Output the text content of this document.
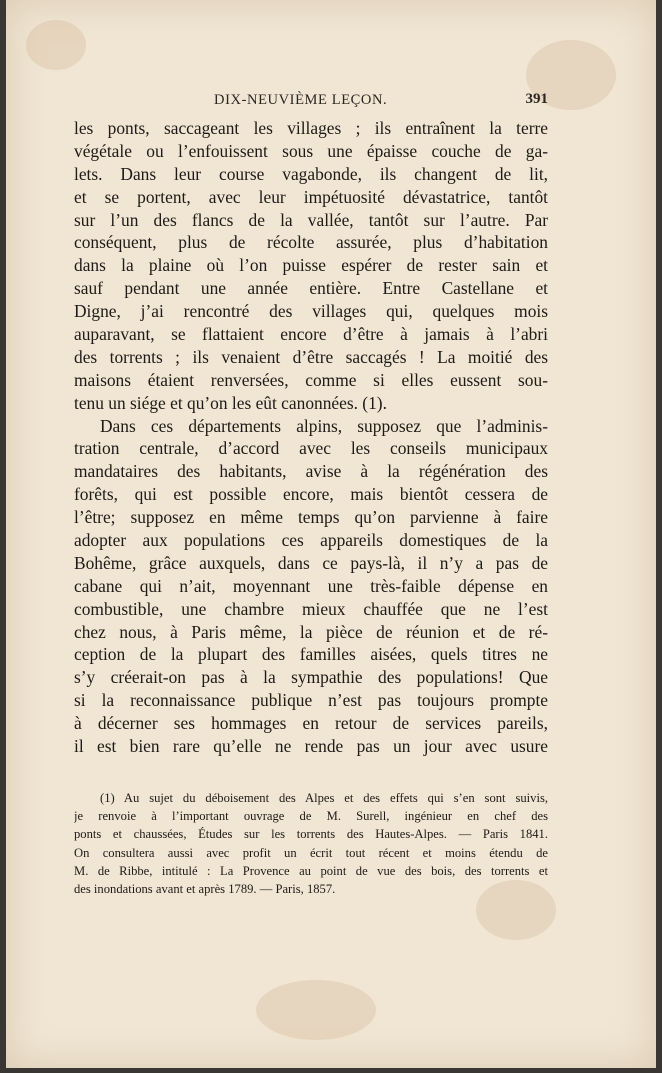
DIX-NEUVIÈME LEÇON.	391
les ponts, saccageant les villages ; ils entraînent la terre
végétale ou l’enfouissent sous une épaisse couche de ga-
lets. Dans leur course vagabonde, ils changent de lit,
et se portent, avec leur impétuosité dévastatrice, tantôt
sur l’un des flancs de la vallée, tantôt sur l’autre. Par
conséquent, plus de récolte assurée, plus d’habitation
dans la plaine où l’on puisse espérer de rester sain et
sauf pendant une année entière. Entre Castellane et
Digne, j’ai rencontré des villages qui, quelques mois
auparavant, se flattaient encore d’être à jamais à l’abri
des torrents ; ils venaient d’être saccagés ! La moitié des
maisons étaient renversées, comme si elles eussent sou-
tenu un siége et qu’on les eût canonnées. (1).
Dans ces départements alpins, supposez que l’adminis-
tration centrale, d’accord avec les conseils municipaux
mandataires des habitants, avise à la régénération des
forêts, qui est possible encore, mais bientôt cessera de
l’être; supposez en même temps qu’on parvienne à faire
adopter aux populations ces appareils domestiques de la
Bohême, grâce auxquels, dans ce pays-là, il n’y a pas de
cabane qui n’ait, moyennant une très-faible dépense en
combustible, une chambre mieux chauffée que ne l’est
chez nous, à Paris même, la pièce de réunion et de ré-
ception de la plupart des familles aisées, quels titres ne
s’y créerait-on pas à la sympathie des populations! Que
si la reconnaissance publique n’est pas toujours prompte
à décerner ses hommages en retour de services pareils,
il est bien rare qu’elle ne rende pas un jour avec usure
(1) Au sujet du déboisement des Alpes et des effets qui s’en sont suivis,
je renvoie à l’important ouvrage de M. Surell, ingénieur en chef des
ponts et chaussées, Études sur les torrents des Hautes-Alpes. — Paris 1841.
On consultera aussi avec profit un écrit tout récent et moins étendu de
M. de Ribbe, intitulé : La Provence au point de vue des bois, des torrents et
des inondations avant et après 1789. — Paris, 1857.
